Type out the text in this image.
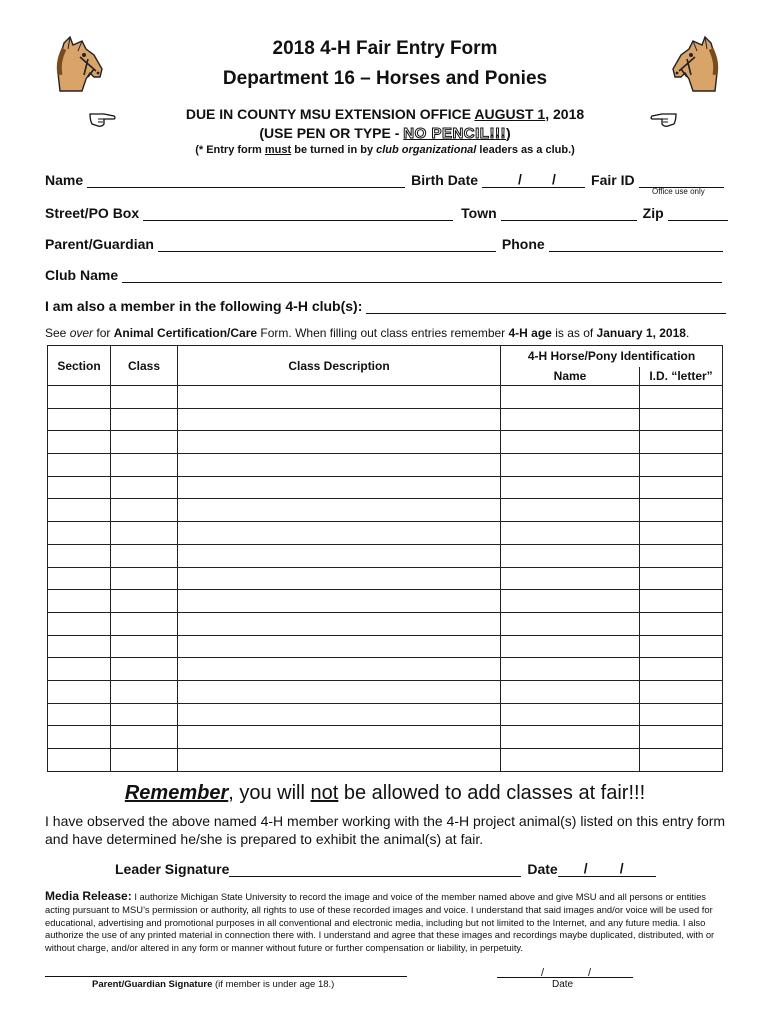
2018 4-H Fair Entry Form
Department 16 – Horses and Ponies
DUE IN COUNTY MSU EXTENSION OFFICE AUGUST 1, 2018
(USE PEN OR TYPE - NO PENCIL!!!)
(* Entry form must be turned in by club organizational leaders as a club.)
Name	Birth Date	/ /	Fair ID
Office use only
Street/PO Box	Town	Zip
Parent/Guardian	Phone
Club Name
I am also a member in the following 4-H club(s):
See over for Animal Certification/Care Form. When filling out class entries remember 4-H age is as of January 1, 2018.
Section	Class	Class Description	4-H Horse/Pony Identification	
			Name	I.D. “letter”

Remember, you will not be allowed to add classes at fair!!!
I have observed the above named 4-H member working with the 4-H project animal(s) listed on this entry form and have determined he/she is prepared to exhibit the animal(s) at fair.
Leader Signature	Date / /
Media Release: I authorize Michigan State University to record the image and voice of the member named above and give MSU and all persons or entities acting pursuant to MSU’s permission or authority, all rights to use of these recorded images and voice. I understand that said images and/or voice will be used for educational, advertising and promotional purposes in all conventional and electronic media, including but not limited to the Internet, and any future media. I also authorize the use of any printed material in connection there with. I understand and agree that these images and recordings maybe duplicated, distributed, with or without charge, and/or altered in any form or manner without future or further compensation or liability, in perpetuity.
Parent/Guardian Signature (if member is under age 18.)
/	/
Date
